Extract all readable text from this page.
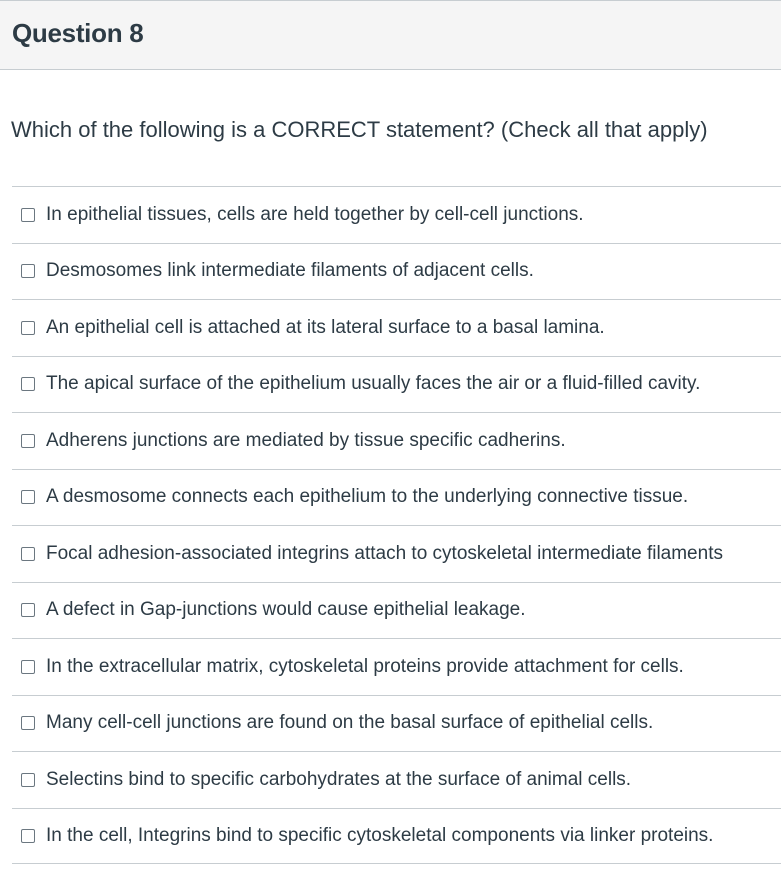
Question 8
Which of the following is a CORRECT statement? (Check all that apply)
In epithelial tissues, cells are held together by cell-cell junctions.
Desmosomes link intermediate filaments of adjacent cells.
An epithelial cell is attached at its lateral surface to a basal lamina.
The apical surface of the epithelium usually faces the air or a fluid-filled cavity.
Adherens junctions are mediated by tissue specific cadherins.
A desmosome connects each epithelium to the underlying connective tissue.
Focal adhesion-associated integrins attach to cytoskeletal intermediate filaments
A defect in Gap-junctions would cause epithelial leakage.
In the extracellular matrix, cytoskeletal proteins provide attachment for cells.
Many cell-cell junctions are found on the basal surface of epithelial cells.
Selectins bind to specific carbohydrates at the surface of animal cells.
In the cell, Integrins bind to specific cytoskeletal components via linker proteins.
